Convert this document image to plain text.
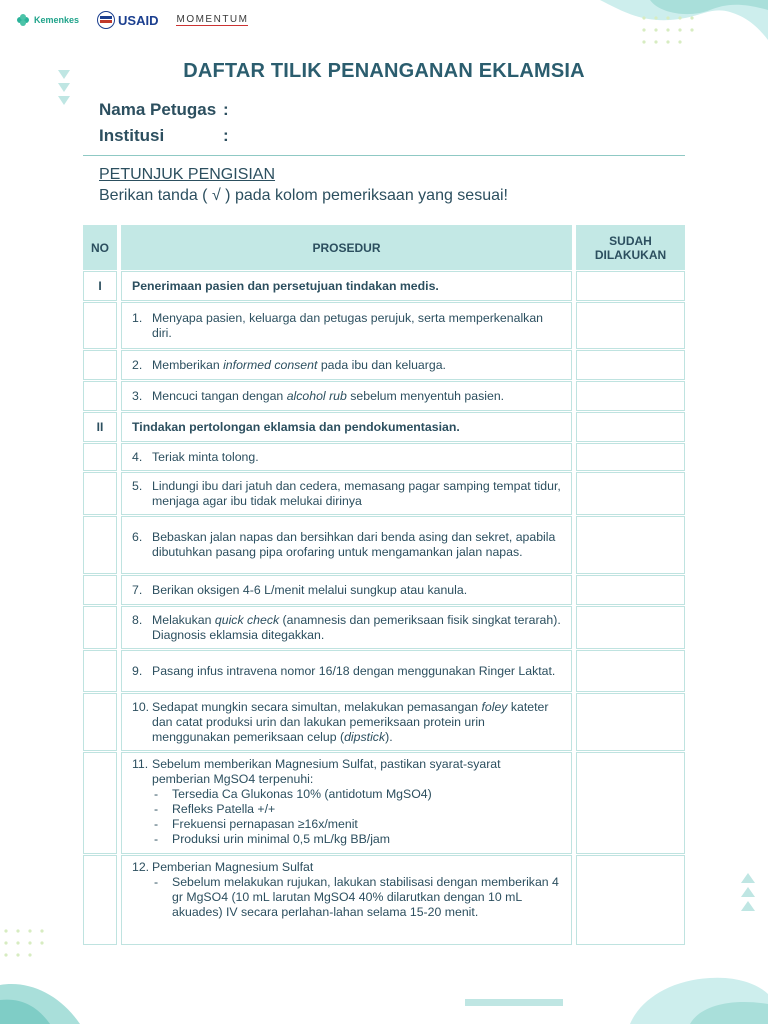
Kemenkes	USAID MOMENTUM
DAFTAR TILIK PENANGANAN EKLAMSIA
Nama Petugas :
Institusi	:
PETUNJUK PENGISIAN
Berikan tanda ( √ ) pada kolom pemeriksaan yang sesuai!
NO	PROSEDUR	SUDAH DILAKUKAN
I	Penerimaan pasien dan persetujuan tindakan medis.
1. Menyapa pasien, keluarga dan petugas perujuk, serta memperkenalkan diri.
2. Memberikan informed consent pada ibu dan keluarga.
3. Mencuci tangan dengan alcohol rub sebelum menyentuh pasien.
II	Tindakan pertolongan eklamsia dan pendokumentasian.
4. Teriak minta tolong.
5. Lindungi ibu dari jatuh dan cedera, memasang pagar samping tempat tidur, menjaga agar ibu tidak melukai dirinya
6. Bebaskan jalan napas dan bersihkan dari benda asing dan sekret, apabila dibutuhkan pasang pipa orofaring untuk mengamankan jalan napas.
7. Berikan oksigen 4-6 L/menit melalui sungkup atau kanula.
8. Melakukan quick check (anamnesis dan pemeriksaan fisik singkat terarah). Diagnosis eklamsia ditegakkan.
9. Pasang infus intravena nomor 16/18 dengan menggunakan Ringer Laktat.
10. Sedapat mungkin secara simultan, melakukan pemasangan foley kateter dan catat produksi urin dan lakukan pemeriksaan protein urin menggunakan pemeriksaan celup (dipstick).
11. Sebelum memberikan Magnesium Sulfat, pastikan syarat-syarat pemberian MgSO4 terpenuhi:
- Tersedia Ca Glukonas 10% (antidotum MgSO4)
- Refleks Patella +/+
- Frekuensi pernapasan ≥16x/menit
- Produksi urin minimal 0,5 mL/kg BB/jam
12. Pemberian Magnesium Sulfat
- Sebelum melakukan rujukan, lakukan stabilisasi dengan memberikan 4 gr MgSO4 (10 mL larutan MgSO4 40% dilarutkan dengan 10 mL akuades) IV secara perlahan-lahan selama 15-20 menit.
